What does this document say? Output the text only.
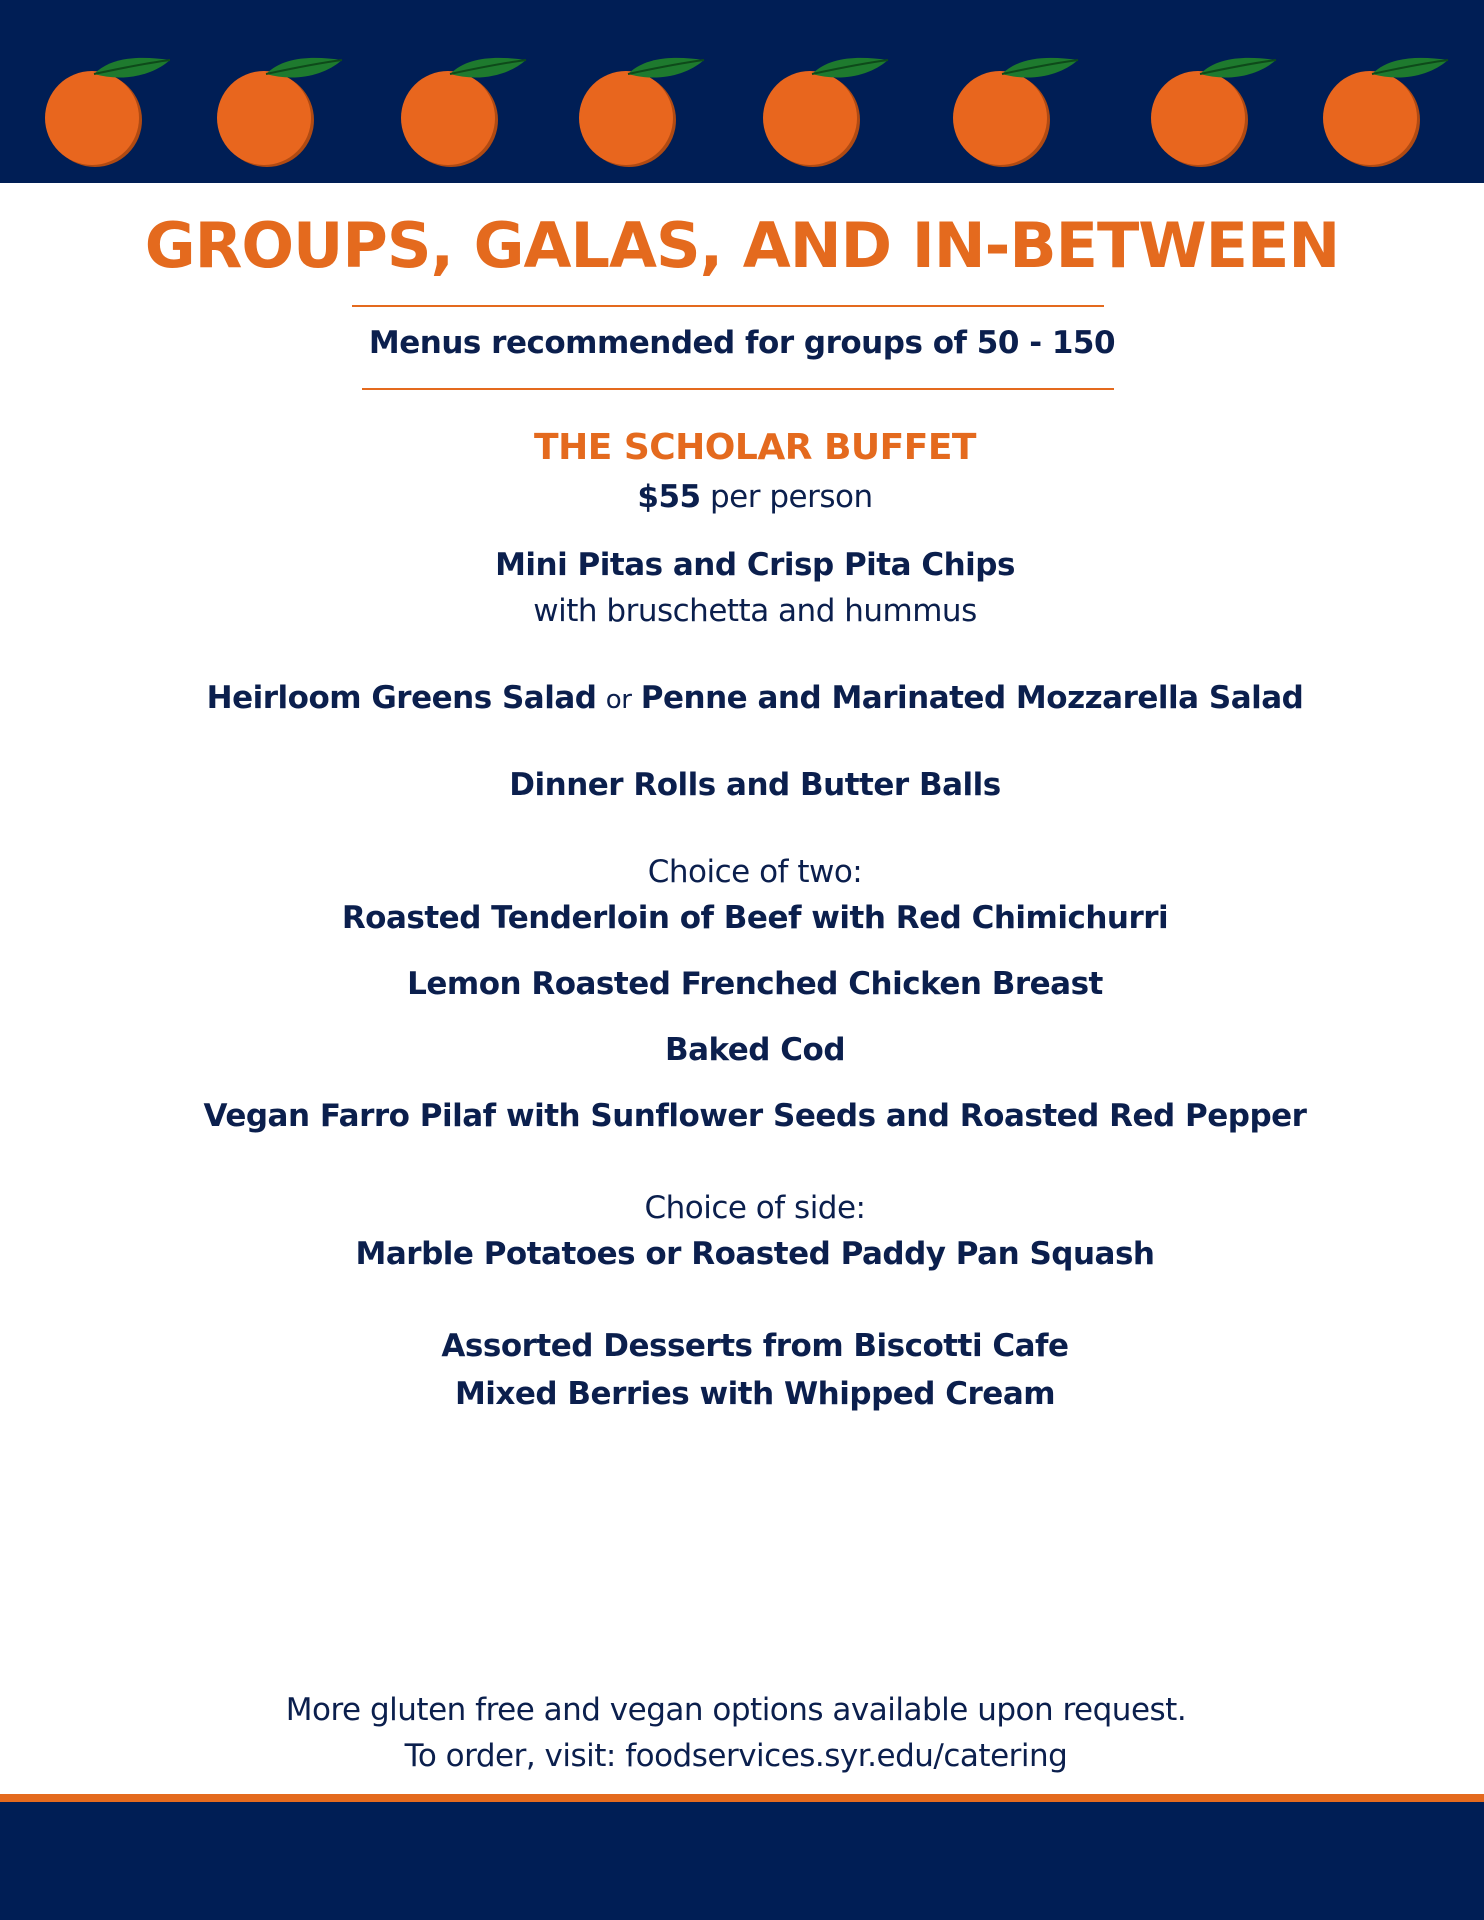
GROUPS, GALAS, AND IN-BETWEEN
Menus recommended for groups of 50 - 150
THE SCHOLAR BUFFET
$55 per person
Mini Pitas and Crisp Pita Chips
with bruschetta and hummus
Heirloom Greens Salad or Penne and Marinated Mozzarella Salad
Dinner Rolls and Butter Balls
Choice of two:
Roasted Tenderloin of Beef with Red Chimichurri
Lemon Roasted Frenched Chicken Breast
Baked Cod
Vegan Farro Pilaf with Sunflower Seeds and Roasted Red Pepper
Choice of side:
Marble Potatoes or Roasted Paddy Pan Squash
Assorted Desserts from Biscotti Cafe
Mixed Berries with Whipped Cream
More gluten free and vegan options available upon request.
To order, visit: foodservices.syr.edu/catering
